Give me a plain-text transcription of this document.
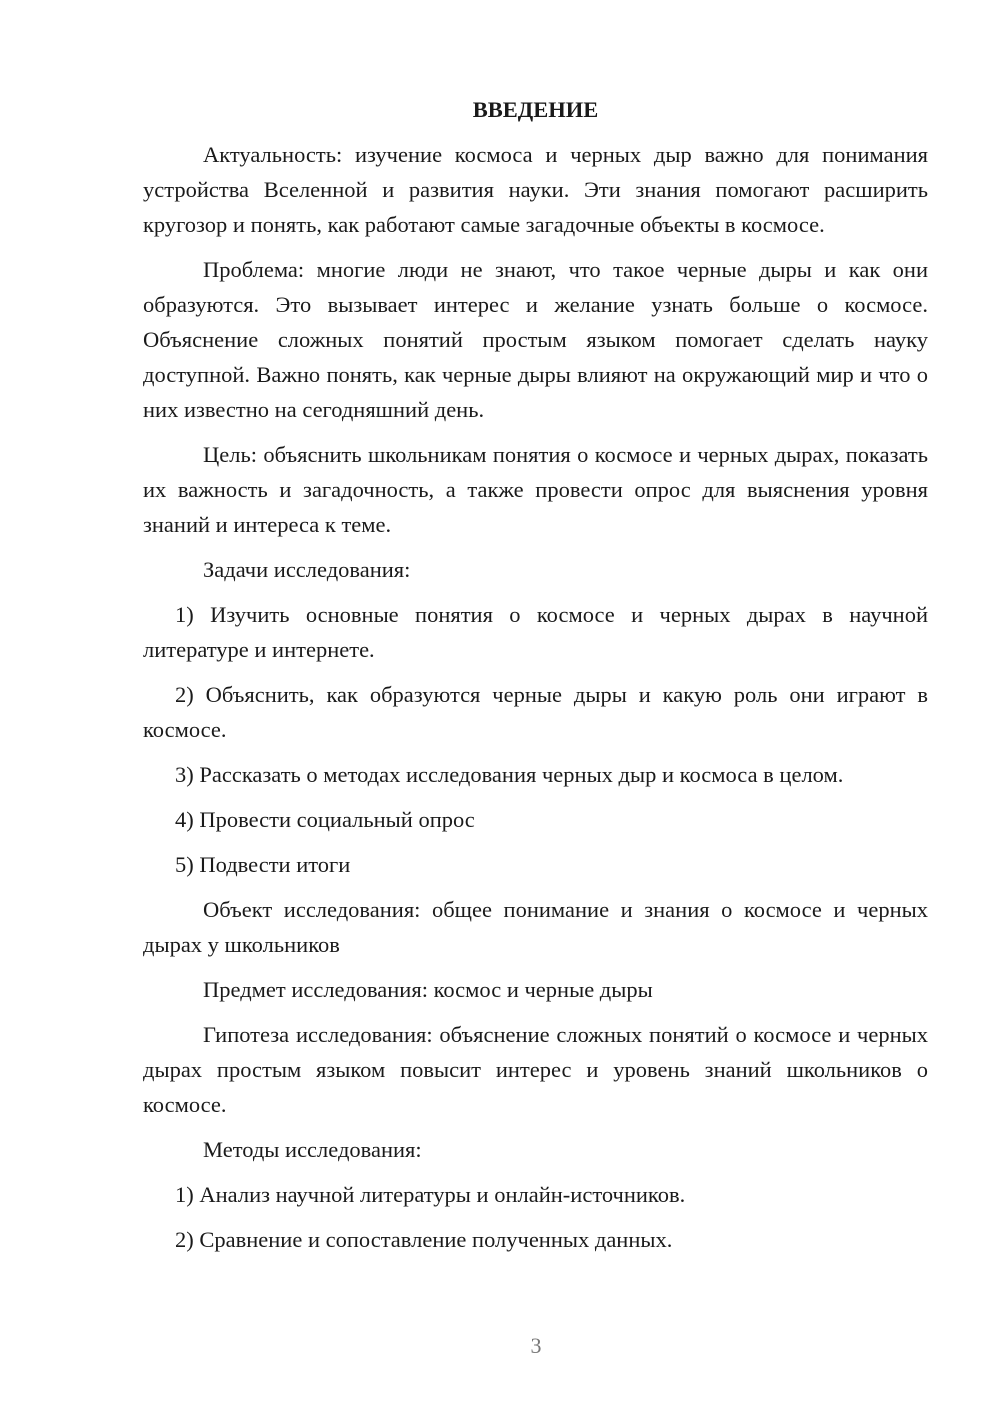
ВВЕДЕНИЕ

Актуальность: изучение космоса и черных дыр важно для понимания устройства Вселенной и развития науки. Эти знания помогают расширить кругозор и понять, как работают самые загадочные объекты в космосе.

Проблема: многие люди не знают, что такое черные дыры и как они образуются. Это вызывает интерес и желание узнать больше о космосе. Объяснение сложных понятий простым языком помогает сделать науку доступной. Важно понять, как черные дыры влияют на окружающий мир и что о них известно на сегодняшний день.

Цель: объяснить школьникам понятия о космосе и черных дырах, показать их важность и загадочность, а также провести опрос для выяснения уровня знаний и интереса к теме.

Задачи исследования:

1) Изучить основные понятия о космосе и черных дырах в научной литературе и интернете.

2) Объяснить, как образуются черные дыры и какую роль они играют в космосе.

3) Рассказать о методах исследования черных дыр и космоса в целом.

4) Провести социальный опрос

5) Подвести итоги

Объект исследования: общее понимание и знания о космосе и черных дырах у школьников

Предмет исследования: космос и черные дыры

Гипотеза исследования: объяснение сложных понятий о космосе и черных дырах простым языком повысит интерес и уровень знаний школьников о космосе.

Методы исследования:

1) Анализ научной литературы и онлайн-источников.

2) Сравнение и сопоставление полученных данных.

3
